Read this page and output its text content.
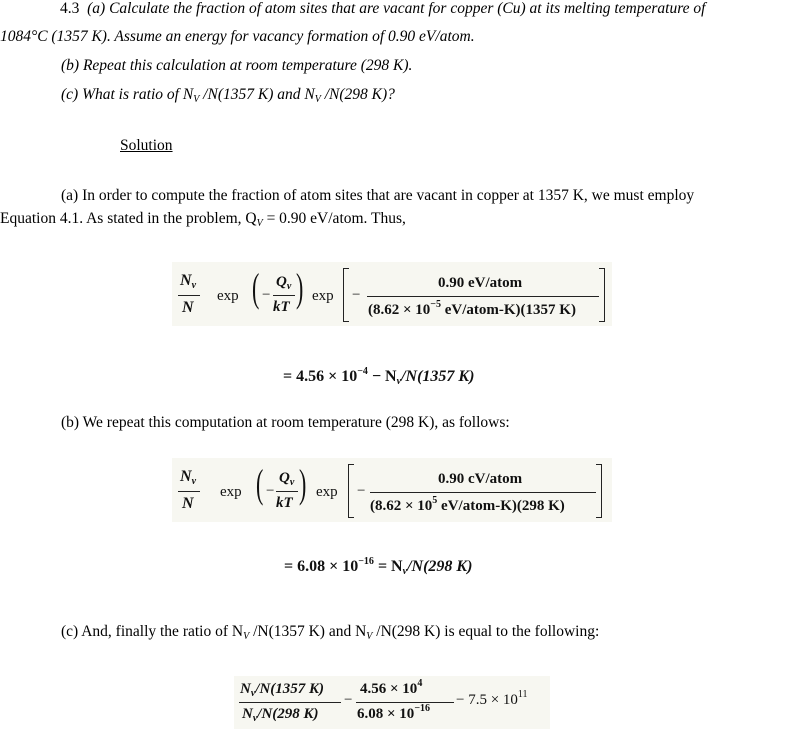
4.3 (a) Calculate the fraction of atom sites that are vacant for copper (Cu) at its melting temperature of
1084°C (1357 K). Assume an energy for vacancy formation of 0.90 eV/atom.
(b) Repeat this calculation at room temperature (298 K).
(c) What is ratio of $N_V$ /N(1357 K) and $N_V$ /N(298 K)?
Solution
(a) In order to compute the fraction of atom sites that are vacant in copper at 1357 K, we must employ
Equation 4.1. As stated in the problem, $Q_V = 0.90$ eV/atom. Thus,
$N_v$
N
exp ( −
$Q_v$
kT ) exp −
0.90 eV/atom
($8.62 \times 10^{-5}$ eV/atom-K)(1357 K)
= $4.56 \times 10^{-4} - N_v/N(1357$ K)
(b) We repeat this computation at room temperature (298 K), as follows:
$N_v$
N
exp ( −
$Q_v$
kT ) exp −
0.90 cV/atom
($8.62 \times 10^5$ eV/atom-K)(298 K)
= $6.08 \times 10^{-16} = N_v/N(298$ K)
(c) And, finally the ratio of $N_V$ /N(1357 K) and $N_V$ /N(298 K) is equal to the following:
$N_v/N(1357$ K)
$N_v/N(298$ K)
−
$4.56 \times 10^4$
$6.08 \times 10^{-16}$
− $7.5 \times 10^{11}$
